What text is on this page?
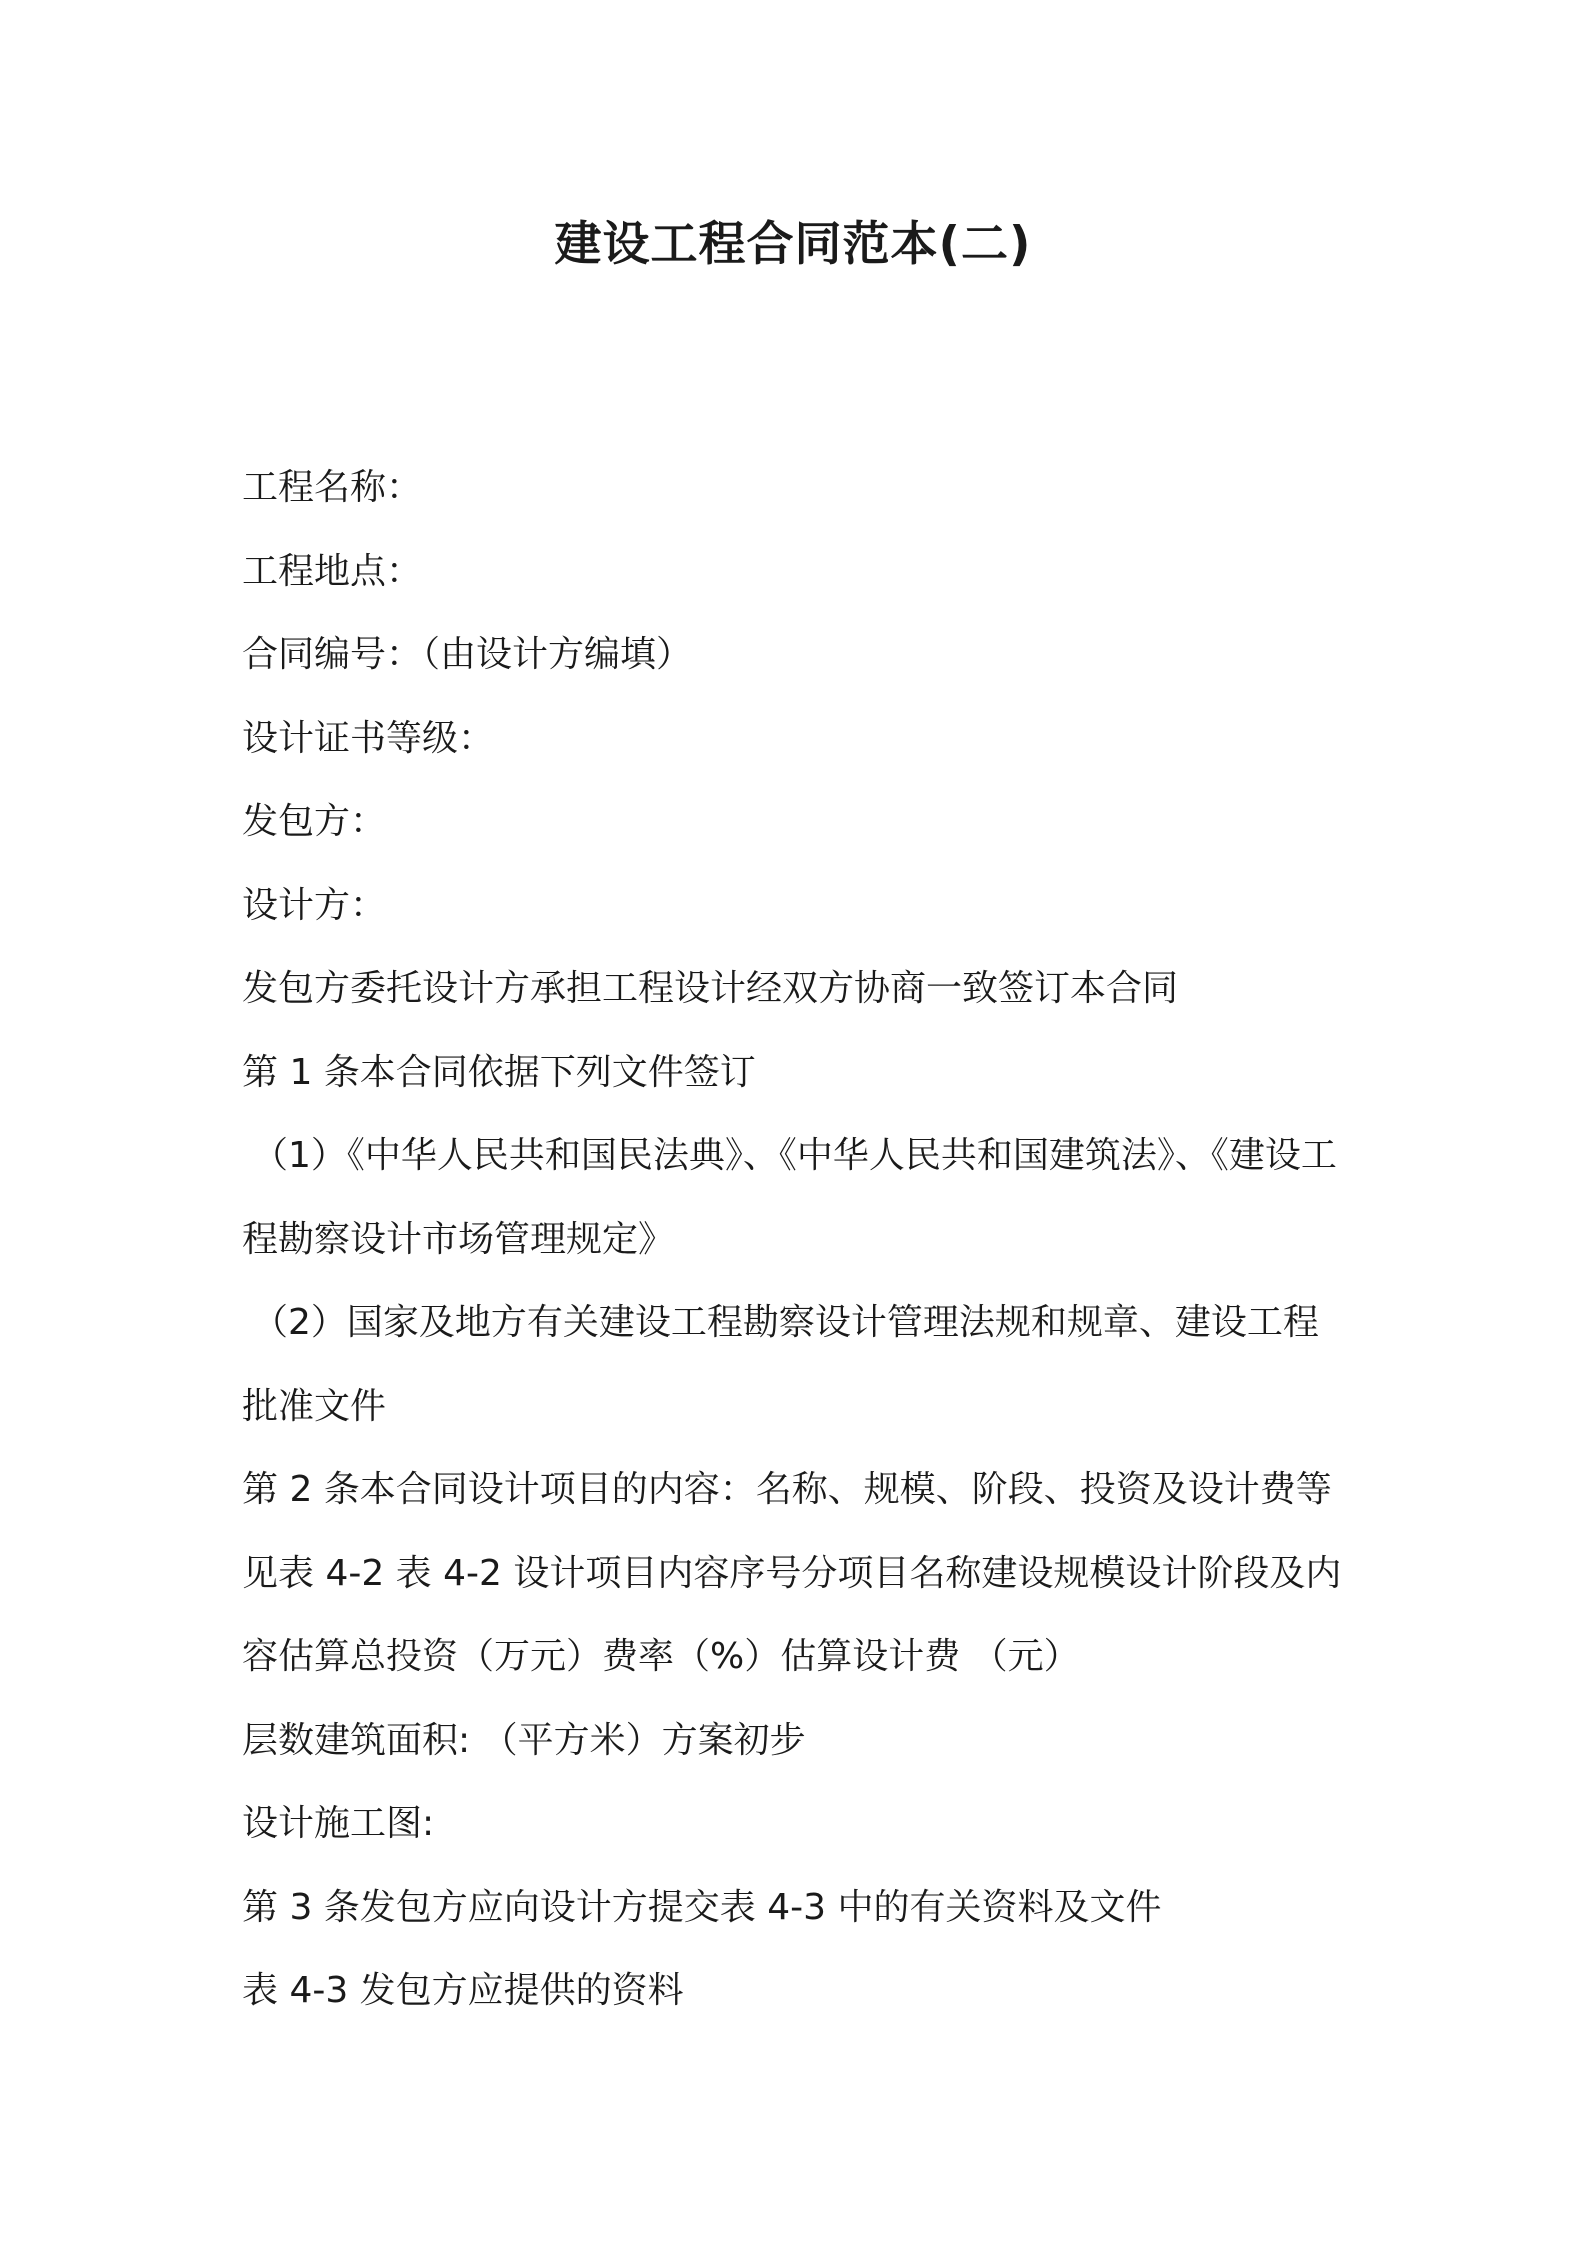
建设工程合同范本(二)
工程名称：
工程地点：
合同编号：（由设计方编填）
设计证书等级：
发包方：
设计方：
发包方委托设计方承担工程设计经双方协商一致签订本合同
第 1 条本合同依据下列文件签订
（1）《中华人民共和国民法典》、《中华人民共和国建筑法》、《建设工
程勘察设计市场管理规定》
（2）国家及地方有关建设工程勘察设计管理法规和规章、建设工程
批准文件
第 2 条本合同设计项目的内容：名称、规模、阶段、投资及设计费等
见表 4-2 表 4-2 设计项目内容序号分项目名称建设规模设计阶段及内
容估算总投资（万元）费率（%）估算设计费 （元）
层数建筑面积: （平方米）方案初步
设计施工图:
第 3 条发包方应向设计方提交表 4-3 中的有关资料及文件
表 4-3 发包方应提供的资料
